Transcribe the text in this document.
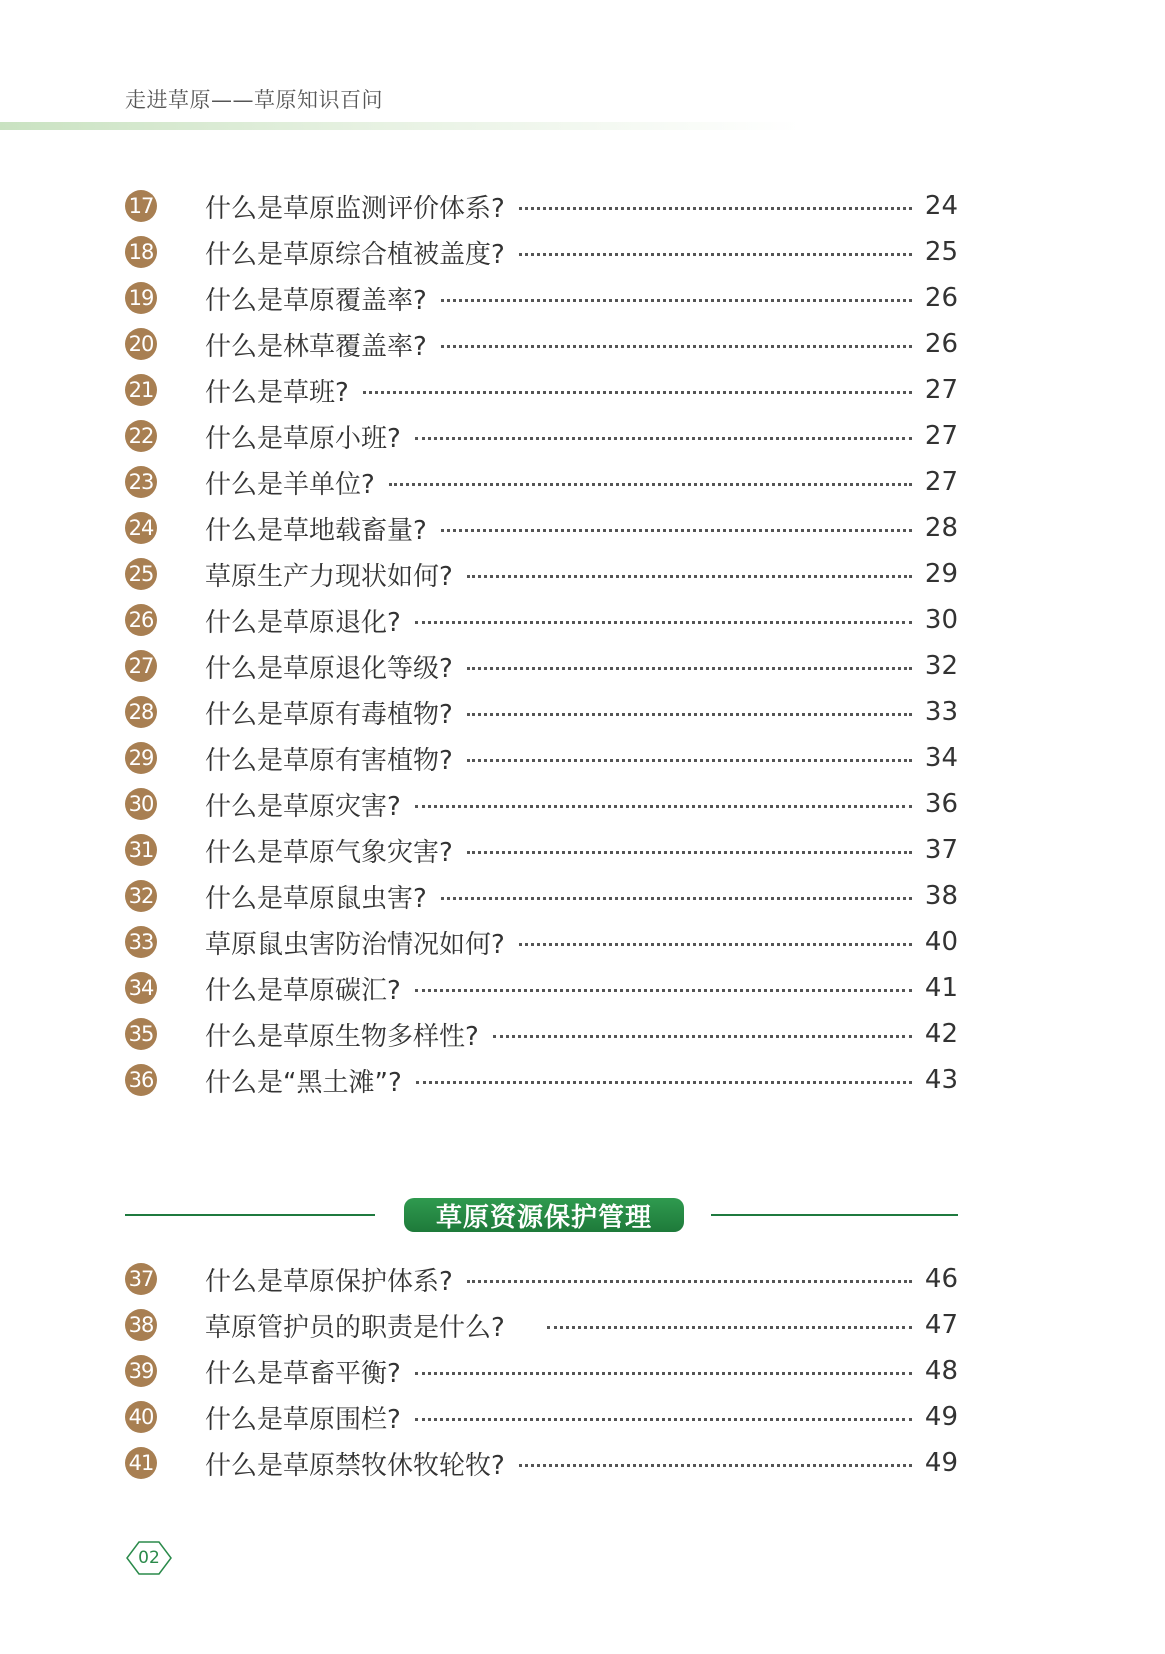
走进草原——草原知识百问
17 什么是草原监测评价体系?	24
18 什么是草原综合植被盖度?	25
19 什么是草原覆盖率?	26
20 什么是林草覆盖率?	26
21 什么是草班?	27
22 什么是草原小班?	27
23 什么是羊单位?	27
24 什么是草地载畜量?	28
25 草原生产力现状如何?	29
26 什么是草原退化?	30
27 什么是草原退化等级?	32
28 什么是草原有毒植物?	33
29 什么是草原有害植物?	34
30 什么是草原灾害?	36
31 什么是草原气象灾害?	37
32 什么是草原鼠虫害?	38
33 草原鼠虫害防治情况如何?	40
34 什么是草原碳汇?	41
35 什么是草原生物多样性?	42
36 什么是“黑土滩”?	43
草原资源保护管理
37 什么是草原保护体系?	46
38 草原管护员的职责是什么?	47
39 什么是草畜平衡?	48
40 什么是草原围栏?	49
41 什么是草原禁牧休牧轮牧?	49
02
